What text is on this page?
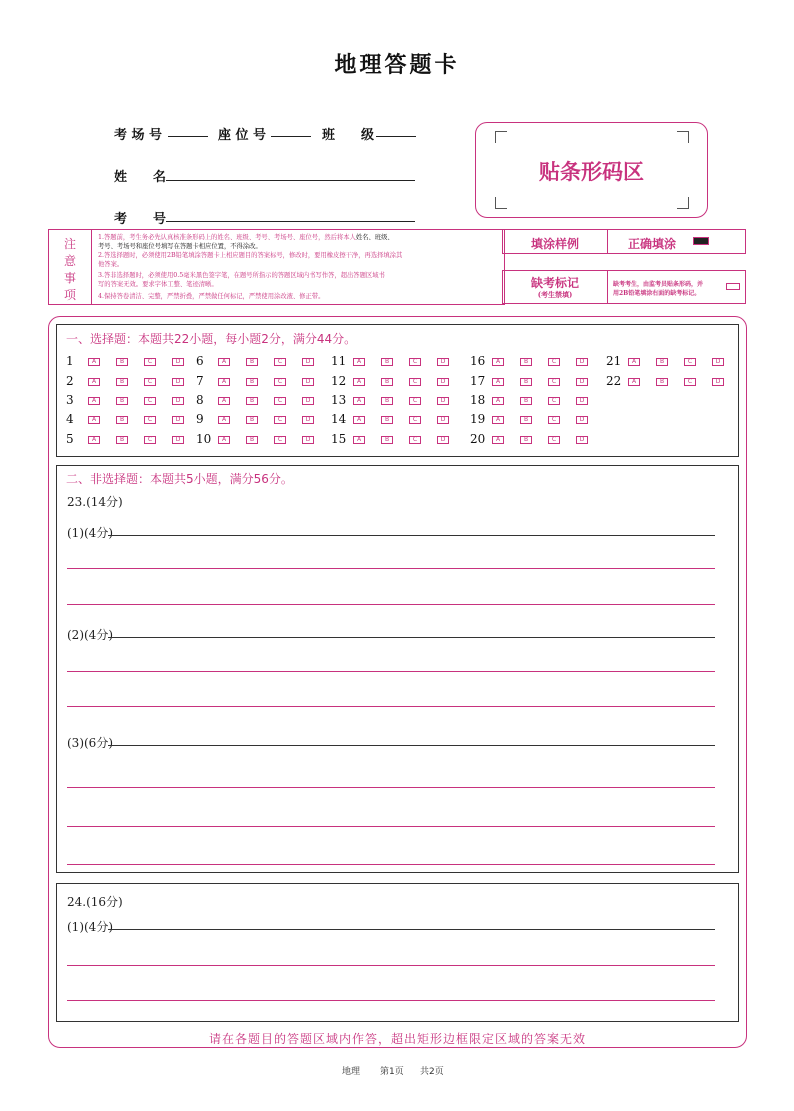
地理答题卡
考 场 号	座 位 号	班　　级
姓　　名
考　　号
贴条形码区
注
意
事
项
1.答题前，考生务必先认真核准条形码上的姓名、班级、考号、考场号、座位号，然后将本人姓名、班级、
考号、考场号和座位号填写在答题卡相应位置，不得涂改。
2.答选择题时，必须使用2B铅笔填涂答题卡上相应题目的答案标号，修改时，要用橡皮擦干净，再选择填涂其
他答案。
3.答非选择题时，必须使用0.5毫米黑色签字笔，在题号所指示的答题区域内书写作答，超出答题区域书
写的答案无效。要求字体工整、笔迹清晰。
4.保持答卷清洁、完整，严禁折叠，严禁做任何标记，严禁使用涂改液、修正带。
填涂样例	正确填涂
缺考标记
(考生禁填)
缺考考生，由监考员贴条形码，并
用2B铅笔填涂右面的缺考标记。
一、选择题：本题共22小题，每小题2分，满分44分。
1	A	B	C	D
2	A	B	C	D
3	A	B	C	D
4	A	B	C	D
5	A	B	C	D
6	A	B	C	D
7	A	B	C	D
8	A	B	C	D
9	A	B	C	D
10	A	B	C	D
11	A	B	C	D
12	A	B	C	D
13	A	B	C	D
14	A	B	C	D
15	A	B	C	D
16	A	B	C	D
17	A	B	C	D
18	A	B	C	D
19	A	B	C	D
20	A	B	C	D
21	A	B	C	D
22	A	B	C	D
二、非选择题：本题共5小题，满分56分。
23.(14分)
(1)(4分)
(2)(4分)
(3)(6分)
24.(16分)
(1)(4分)
请在各题目的答题区域内作答，超出矩形边框限定区域的答案无效
地理 第1页 共2页
